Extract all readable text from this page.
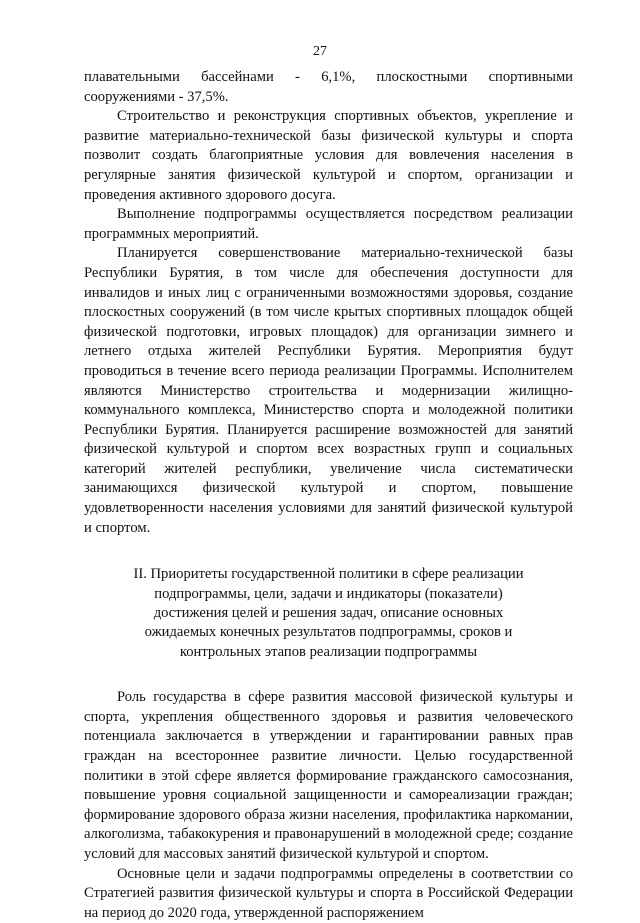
27

плавательными бассейнами - 6,1%, плоскостными спортивными сооружениями - 37,5%.

Строительство и реконструкция спортивных объектов, укрепление и развитие материально-технической базы физической культуры и спорта позволит создать благоприятные условия для вовлечения населения в регулярные занятия физической культурой и спортом, организации и проведения активного здорового досуга.

Выполнение подпрограммы осуществляется посредством реализации программных мероприятий.

Планируется совершенствование материально-технической базы Республики Бурятия, в том числе для обеспечения доступности для инвалидов и иных лиц с ограниченными возможностями здоровья, создание плоскостных сооружений (в том числе крытых спортивных площадок общей физической подготовки, игровых площадок) для организации зимнего и летнего отдыха жителей Республики Бурятия. Мероприятия будут проводиться в течение всего периода реализации Программы. Исполнителем являются Министерство строительства и модернизации жилищно-коммунального комплекса, Министерство спорта и молодежной политики Республики Бурятия. Планируется расширение возможностей для занятий физической культурой и спортом всех возрастных групп и социальных категорий жителей республики, увеличение числа систематически занимающихся физической культурой и спортом, повышение удовлетворенности населения условиями для занятий физической культурой и спортом.

II. Приоритеты государственной политики в сфере реализации
подпрограммы, цели, задачи и индикаторы (показатели)
достижения целей и решения задач, описание основных
ожидаемых конечных результатов подпрограммы, сроков и
контрольных этапов реализации подпрограммы

Роль государства в сфере развития массовой физической культуры и спорта, укрепления общественного здоровья и развития человеческого потенциала заключается в утверждении и гарантировании равных прав граждан на всестороннее развитие личности. Целью государственной политики в этой сфере является формирование гражданского самосознания, повышение уровня социальной защищенности и самореализации граждан; формирование здорового образа жизни населения, профилактика наркомании, алкоголизма, табакокурения и правонарушений в молодежной среде; создание условий для массовых занятий физической культурой и спортом.

Основные цели и задачи подпрограммы определены в соответствии со Стратегией развития физической культуры и спорта в Российской Федерации на период до 2020 года, утвержденной распоряжением
